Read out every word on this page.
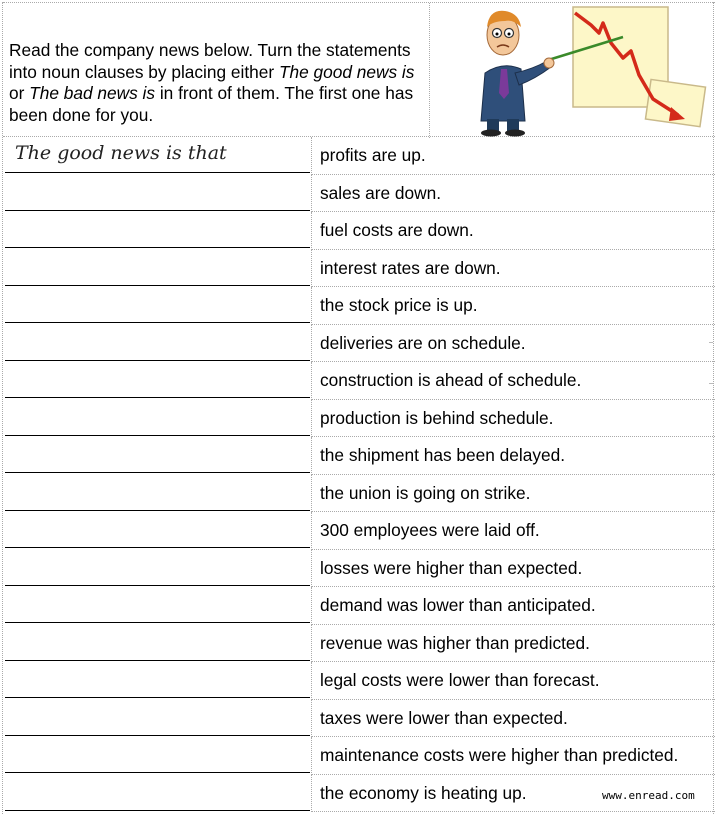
Read the company news below. Turn the statements into noun clauses by placing either The good news is or The bad news is in front of them. The first one has been done for you.
The good news is that	profits are up.
sales are down.
fuel costs are down.
interest rates are down.
the stock price is up.
deliveries are on schedule.
construction is ahead of schedule.
production is behind schedule.
the shipment has been delayed.
the union is going on strike.
300 employees were laid off.
losses were higher than expected.
demand was lower than anticipated.
revenue was higher than predicted.
legal costs were lower than forecast.
taxes were lower than expected.
maintenance costs were higher than predicted.
the economy is heating up.	www.enread.com
